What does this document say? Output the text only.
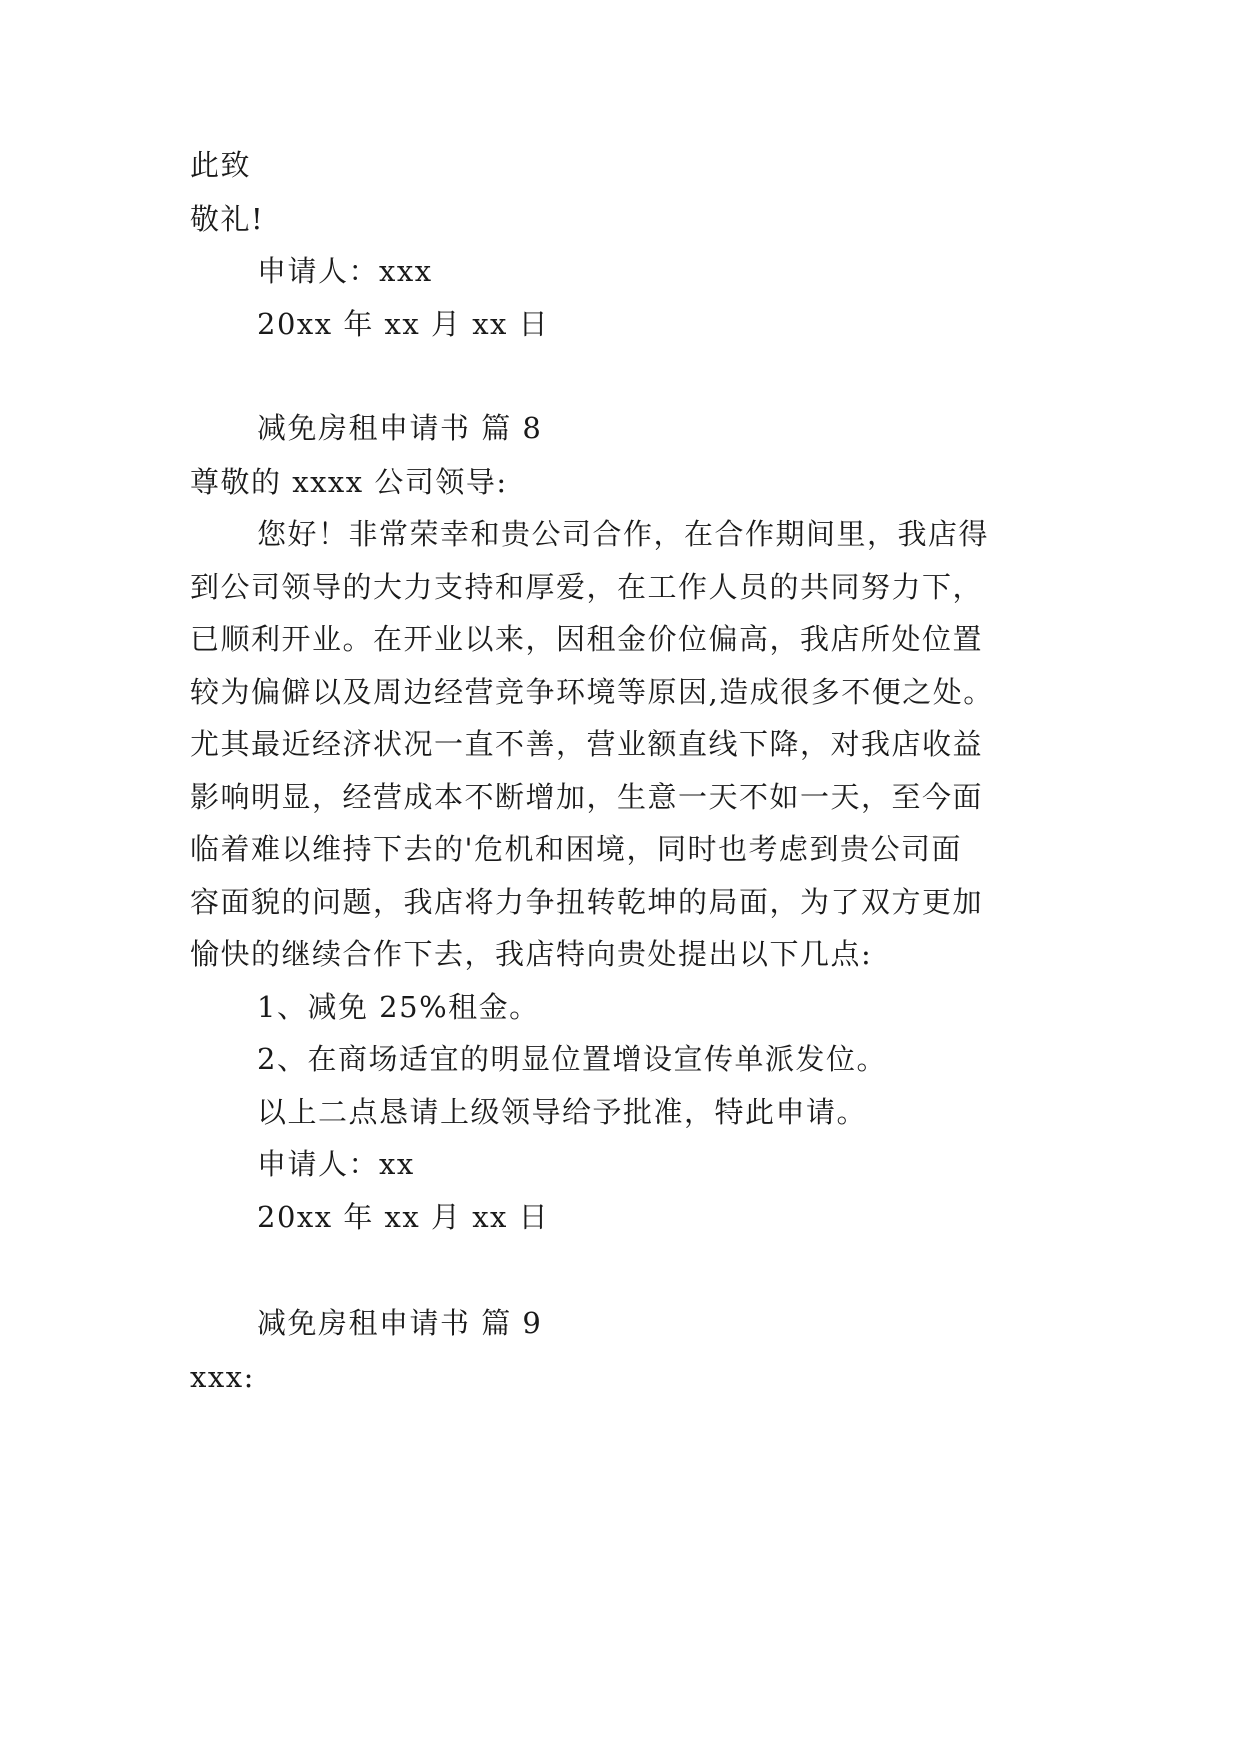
此致

敬礼!

申请人：xxx

20xx 年 xx 月 xx 日

减免房租申请书 篇 8

尊敬的 xxxx 公司领导:

您好！非常荣幸和贵公司合作，在合作期间里，我店得

到公司领导的大力支持和厚爱，在工作人员的共同努力下，

已顺利开业。在开业以来，因租金价位偏高，我店所处位置

较为偏僻以及周边经营竞争环境等原因,造成很多不便之处。

尤其最近经济状况一直不善，营业额直线下降，对我店收益

影响明显，经营成本不断增加，生意一天不如一天，至今面

临着难以维持下去的'危机和困境，同时也考虑到贵公司面

容面貌的问题，我店将力争扭转乾坤的局面，为了双方更加

愉快的继续合作下去，我店特向贵处提出以下几点:

1、减免 25%租金。

2、在商场适宜的明显位置增设宣传单派发位。

以上二点恳请上级领导给予批准，特此申请。

申请人：xx

20xx 年 xx 月 xx 日

减免房租申请书 篇 9

xxx:
